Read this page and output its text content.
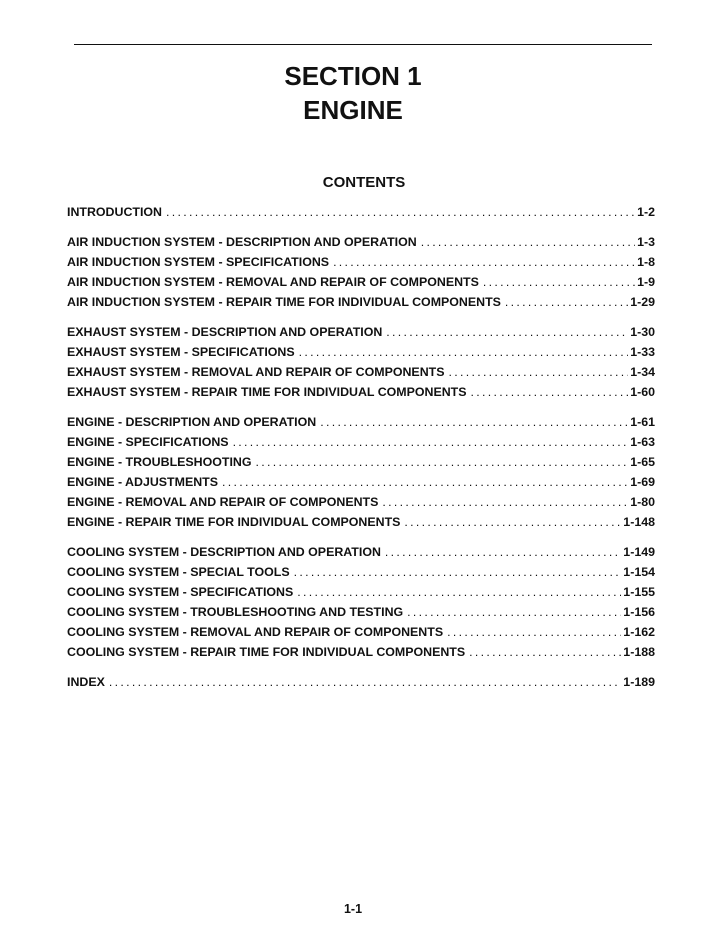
SECTION 1
ENGINE
CONTENTS
INTRODUCTION .....	1-2
AIR INDUCTION SYSTEM - DESCRIPTION AND OPERATION .....	1-3
AIR INDUCTION SYSTEM - SPECIFICATIONS .....	1-8
AIR INDUCTION SYSTEM - REMOVAL AND REPAIR OF COMPONENTS .....	1-9
AIR INDUCTION SYSTEM - REPAIR TIME FOR INDIVIDUAL COMPONENTS .....	1-29
EXHAUST SYSTEM - DESCRIPTION AND OPERATION .....	1-30
EXHAUST SYSTEM - SPECIFICATIONS .....	1-33
EXHAUST SYSTEM - REMOVAL AND REPAIR OF COMPONENTS .....	1-34
EXHAUST SYSTEM - REPAIR TIME FOR INDIVIDUAL COMPONENTS .....	1-60
ENGINE - DESCRIPTION AND OPERATION .....	1-61
ENGINE - SPECIFICATIONS .....	1-63
ENGINE - TROUBLESHOOTING .....	1-65
ENGINE - ADJUSTMENTS .....	1-69
ENGINE - REMOVAL AND REPAIR OF COMPONENTS .....	1-80
ENGINE - REPAIR TIME FOR INDIVIDUAL COMPONENTS .....	1-148
COOLING SYSTEM - DESCRIPTION AND OPERATION .....	1-149
COOLING SYSTEM - SPECIAL TOOLS .....	1-154
COOLING SYSTEM - SPECIFICATIONS .....	1-155
COOLING SYSTEM - TROUBLESHOOTING AND TESTING .....	1-156
COOLING SYSTEM - REMOVAL AND REPAIR OF COMPONENTS .....	1-162
COOLING SYSTEM - REPAIR TIME FOR INDIVIDUAL COMPONENTS .....	1-188
INDEX .....	1-189
1-1
